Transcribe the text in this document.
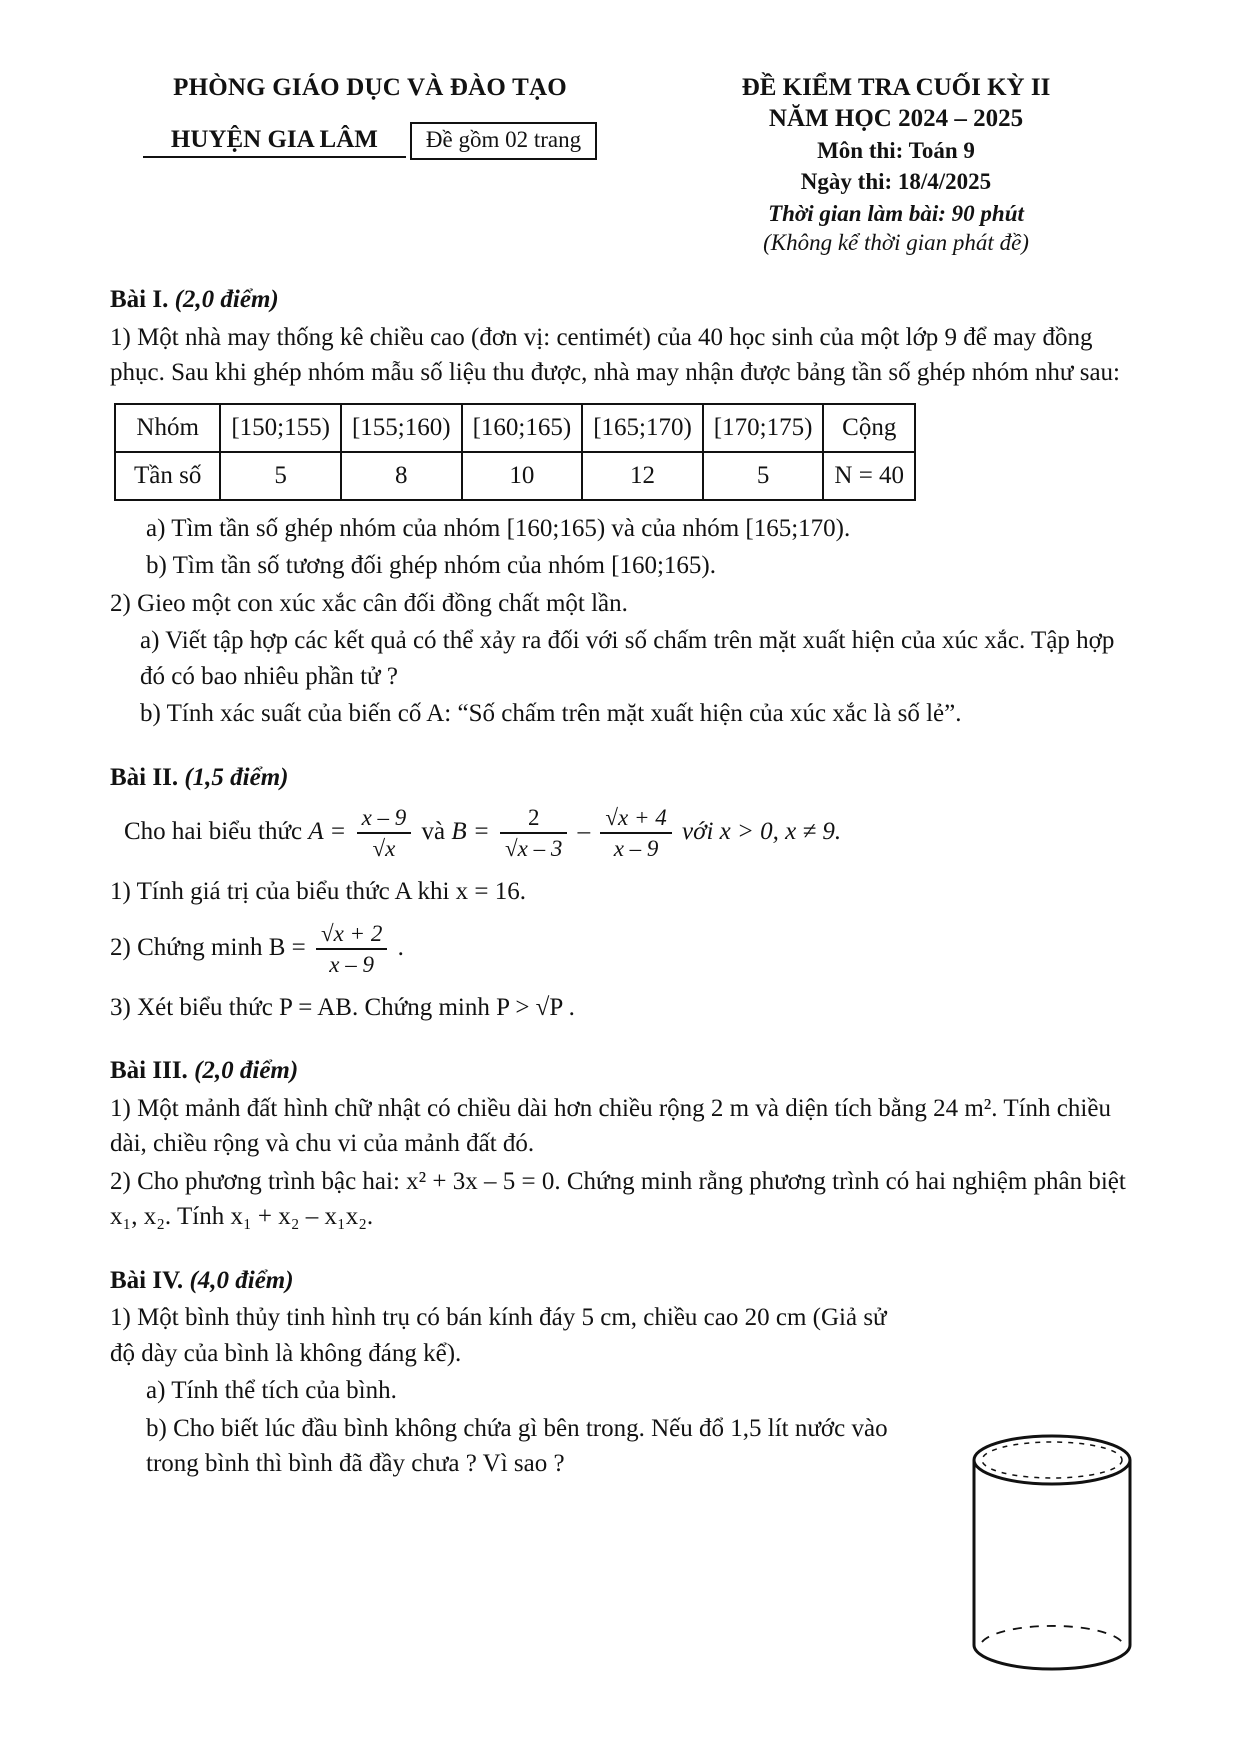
PHÒNG GIÁO DỤC VÀ ĐÀO TẠO
HUYỆN GIA LÂM Đề gồm 02 trang
ĐỀ KIỂM TRA CUỐI KỲ II
NĂM HỌC 2024 – 2025
Môn thi: Toán 9
Ngày thi: 18/4/2025
Thời gian làm bài: 90 phút
(Không kể thời gian phát đề)
Bài I. (2,0 điểm)

1) Một nhà may thống kê chiều cao (đơn vị: centimét) của 40 học sinh của một lớp 9 để may đồng phục. Sau khi ghép nhóm mẫu số liệu thu được, nhà may nhận được bảng tần số ghép nhóm như sau:

Nhóm	[150;155)	[155;160)	[160;165)	[165;170)	[170;175)	Cộng
Tần số	5	8	10	12	5	N = 40

a) Tìm tần số ghép nhóm của nhóm [160;165) và của nhóm [165;170).

b) Tìm tần số tương đối ghép nhóm của nhóm [160;165).

2) Gieo một con xúc xắc cân đối đồng chất một lần.

a) Viết tập hợp các kết quả có thể xảy ra đối với số chấm trên mặt xuất hiện của xúc xắc. Tập hợp đó có bao nhiêu phần tử ?

b) Tính xác suất của biến cố A: “Số chấm trên mặt xuất hiện của xúc xắc là số lẻ”.

Bài II. (1,5 điểm)

Cho hai biểu thức $A = \frac{x - 9}{√x}$ và $B = \frac{2}{√x - 3} - \frac{√x + 4}{x - 9}$ với x > 0, x ≠ 9.

1) Tính giá trị của biểu thức A khi x = 16.

2) Chứng minh $B = \frac{√x + 2}{x - 9}$ .

3) Xét biểu thức P = AB. Chứng minh P > √P .

Bài III. (2,0 điểm)

1) Một mảnh đất hình chữ nhật có chiều dài hơn chiều rộng 2 m và diện tích bằng 24 m². Tính chiều dài, chiều rộng và chu vi của mảnh đất đó.

2) Cho phương trình bậc hai: x² + 3x – 5 = 0. Chứng minh rằng phương trình có hai nghiệm phân biệt x₁, x₂. Tính x₁ + x₂ – x₁x₂.

Bài IV. (4,0 điểm)

1) Một bình thủy tinh hình trụ có bán kính đáy 5 cm, chiều cao 20 cm (Giả sử độ dày của bình là không đáng kể).

a) Tính thể tích của bình.

b) Cho biết lúc đầu bình không chứa gì bên trong. Nếu đổ 1,5 lít nước vào trong bình thì bình đã đầy chưa ? Vì sao ?
